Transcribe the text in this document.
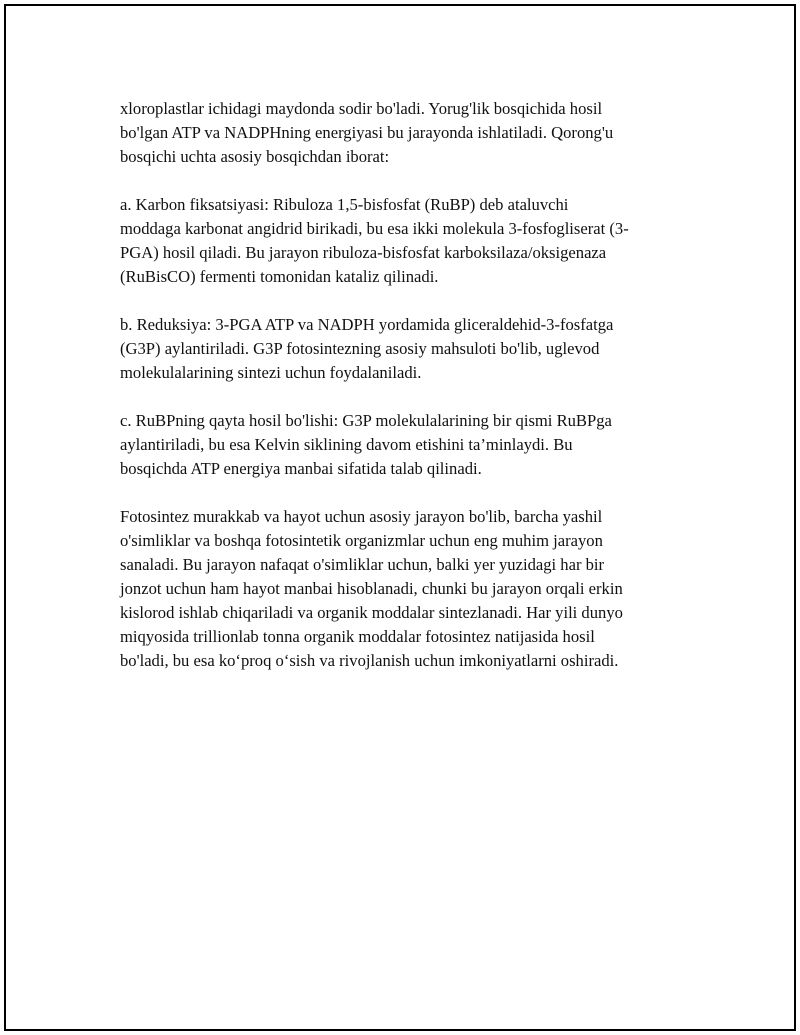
xloroplastlar ichidagi maydonda sodir bo'ladi. Yorug'lik bosqichida hosil
bo'lgan ATP va NADPHning energiyasi bu jarayonda ishlatiladi. Qorong'u
bosqichi uchta asosiy bosqichdan iborat:

a. Karbon fiksatsiyasi: Ribuloza 1,5-bisfosfat (RuBP) deb ataluvchi
moddaga karbonat angidrid birikadi, bu esa ikki molekula 3-fosfogliserat (3-
PGA) hosil qiladi. Bu jarayon ribuloza-bisfosfat karboksilaza/oksigenaza
(RuBisCO) fermenti tomonidan kataliz qilinadi.

b. Reduksiya: 3-PGA ATP va NADPH yordamida gliceraldehid-3-fosfatga
(G3P) aylantiriladi. G3P fotosintezning asosiy mahsuloti bo'lib, uglevod
molekulalarining sintezi uchun foydalaniladi.

c. RuBPning qayta hosil bo'lishi: G3P molekulalarining bir qismi RuBPga
aylantiriladi, bu esa Kelvin siklining davom etishini ta’minlaydi. Bu
bosqichda ATP energiya manbai sifatida talab qilinadi.

Fotosintez murakkab va hayot uchun asosiy jarayon bo'lib, barcha yashil
o'simliklar va boshqa fotosintetik organizmlar uchun eng muhim jarayon
sanaladi. Bu jarayon nafaqat o'simliklar uchun, balki yer yuzidagi har bir
jonzot uchun ham hayot manbai hisoblanadi, chunki bu jarayon orqali erkin
kislorod ishlab chiqariladi va organik moddalar sintezlanadi. Har yili dunyo
miqyosida trillionlab tonna organik moddalar fotosintez natijasida hosil
bo'ladi, bu esa ko‘proq o‘sish va rivojlanish uchun imkoniyatlarni oshiradi.
